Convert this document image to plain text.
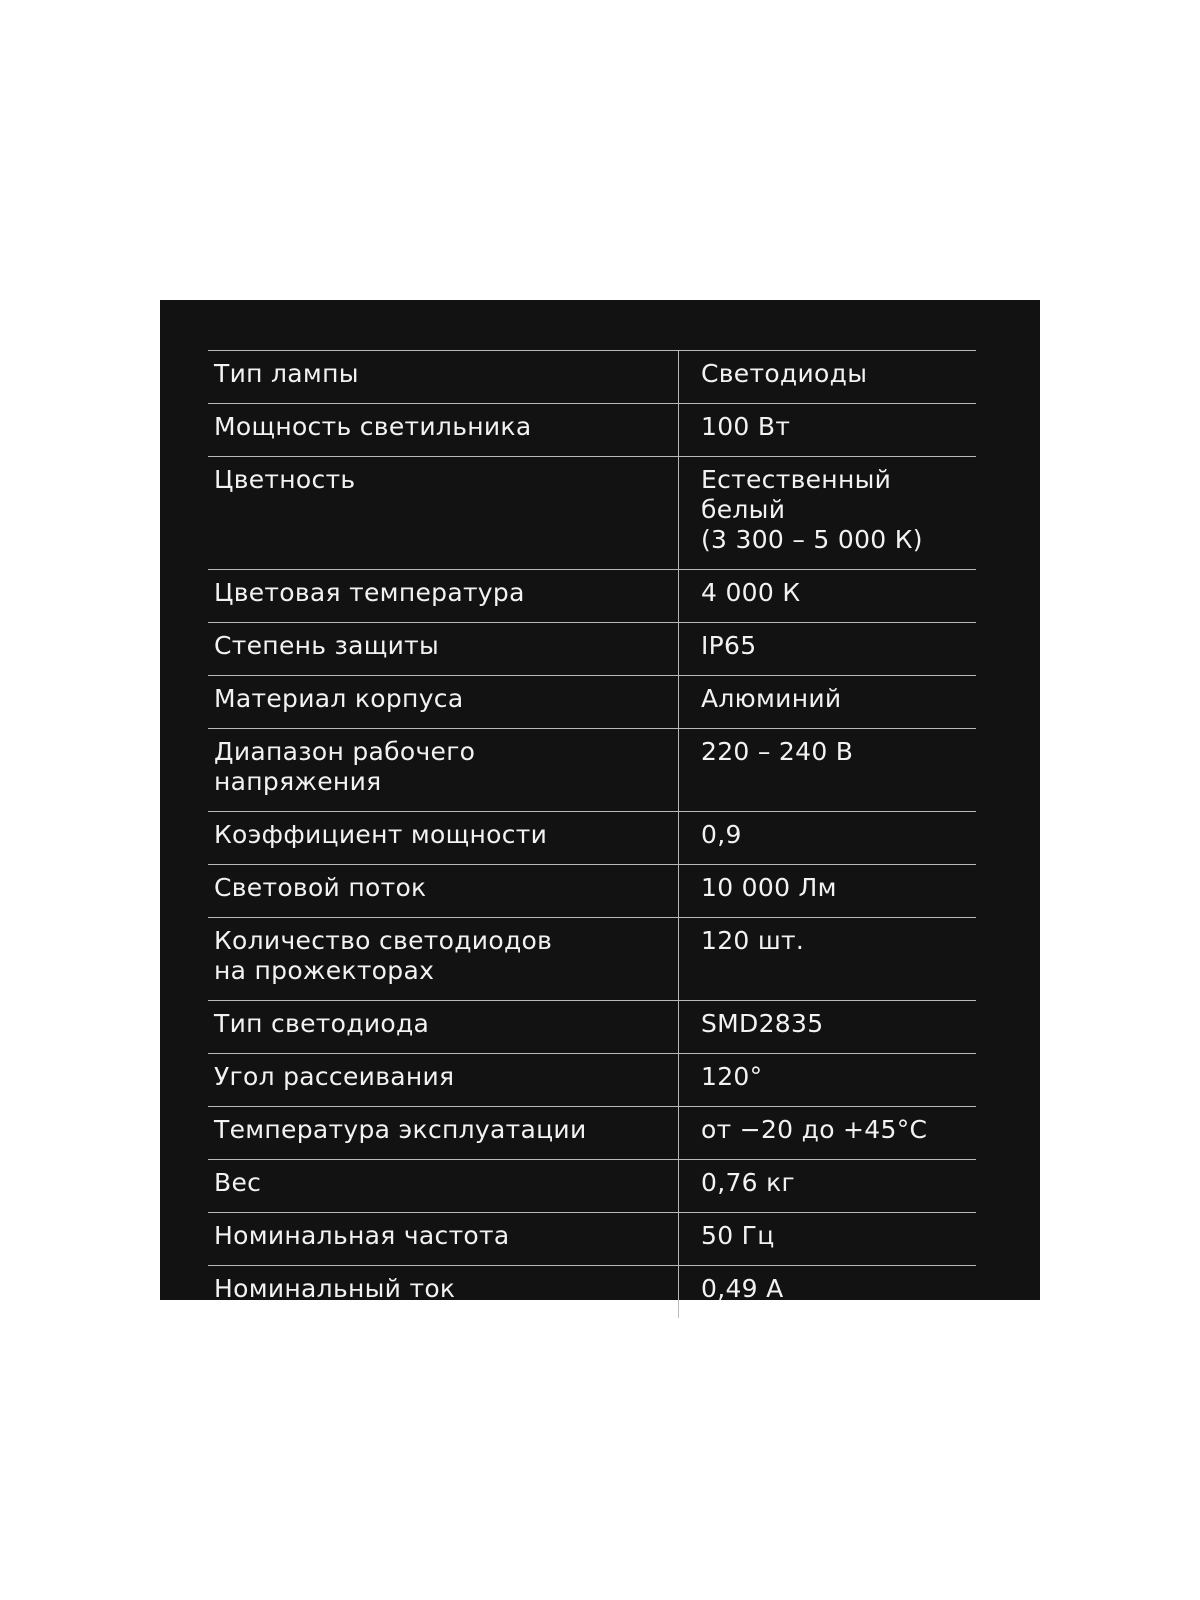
Тип лампы	Светодиоды
Мощность светильника	100 Вт
Цветность	Естественный белый
(3 300 – 5 000 К)
Цветовая температура	4 000 К
Степень защиты	IP65
Материал корпуса	Алюминий
Диапазон рабочего
напряжения	220 – 240 В
Коэффициент мощности	0,9
Световой поток	10 000 Лм
Количество светодиодов
на прожекторах	120 шт.
Тип светодиода	SMD2835
Угол рассеивания	120°
Температура эксплуатации	от −20 до +45°С
Вес	0,76 кг
Номинальная частота	50 Гц
Номинальный ток	0,49 А
